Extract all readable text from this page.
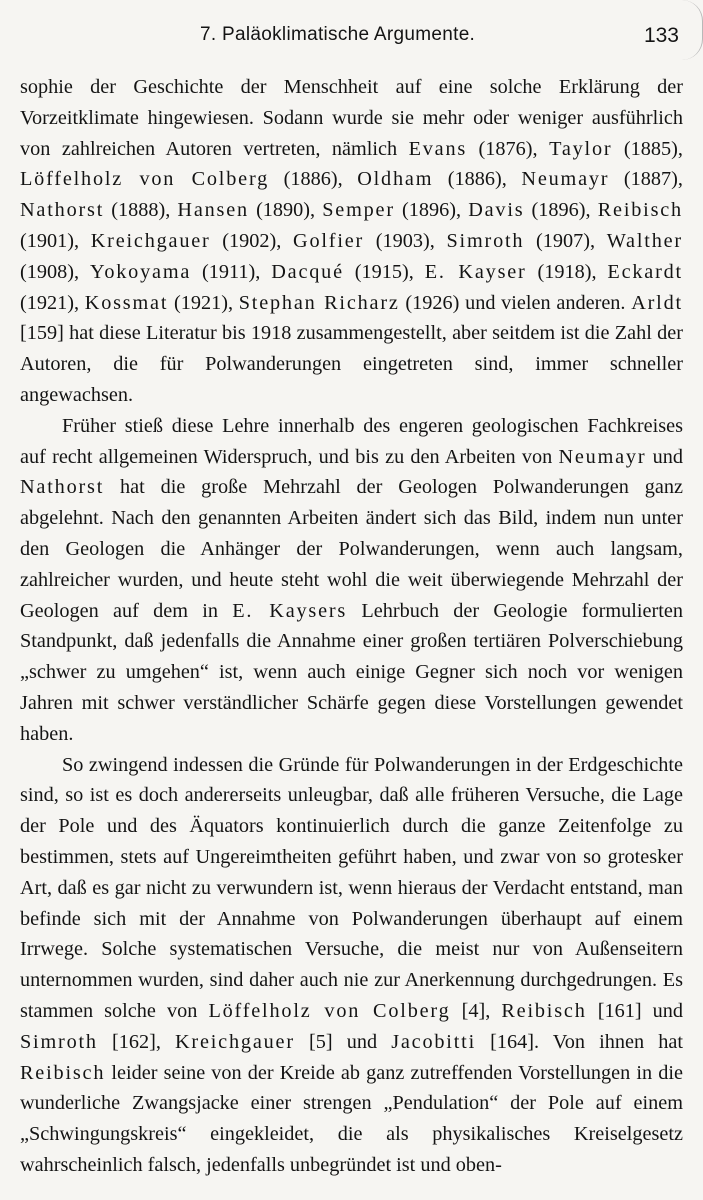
7. Paläoklimatische Argumente.	133

sophie der Geschichte der Menschheit auf eine solche Erklärung der Vorzeitklimate hingewiesen. Sodann wurde sie mehr oder weniger ausführlich von zahlreichen Autoren vertreten, nämlich Evans (1876), Taylor (1885), Löffelholz von Colberg (1886), Oldham (1886), Neumayr (1887), Nathorst (1888), Hansen (1890), Semper (1896), Davis (1896), Reibisch (1901), Kreichgauer (1902), Golfier (1903), Simroth (1907), Walther (1908), Yokoyama (1911), Dacqué (1915), E. Kayser (1918), Eckardt (1921), Kossmat (1921), Stephan Richarz (1926) und vielen anderen. Arldt [159] hat diese Literatur bis 1918 zusammengestellt, aber seitdem ist die Zahl der Autoren, die für Polwanderungen eingetreten sind, immer schneller angewachsen.

Früher stieß diese Lehre innerhalb des engeren geologischen Fachkreises auf recht allgemeinen Widerspruch, und bis zu den Arbeiten von Neumayr und Nathorst hat die große Mehrzahl der Geologen Polwanderungen ganz abgelehnt. Nach den genannten Arbeiten ändert sich das Bild, indem nun unter den Geologen die Anhänger der Polwanderungen, wenn auch langsam, zahlreicher wurden, und heute steht wohl die weit überwiegende Mehrzahl der Geologen auf dem in E. Kaysers Lehrbuch der Geologie formulierten Standpunkt, daß jedenfalls die Annahme einer großen tertiären Polverschiebung „schwer zu umgehen“ ist, wenn auch einige Gegner sich noch vor wenigen Jahren mit schwer verständlicher Schärfe gegen diese Vorstellungen gewendet haben.

So zwingend indessen die Gründe für Polwanderungen in der Erdgeschichte sind, so ist es doch andererseits unleugbar, daß alle früheren Versuche, die Lage der Pole und des Äquators kontinuierlich durch die ganze Zeitenfolge zu bestimmen, stets auf Ungereimtheiten geführt haben, und zwar von so grotesker Art, daß es gar nicht zu verwundern ist, wenn hieraus der Verdacht entstand, man befinde sich mit der Annahme von Polwanderungen überhaupt auf einem Irrwege. Solche systematischen Versuche, die meist nur von Außenseitern unternommen wurden, sind daher auch nie zur Anerkennung durchgedrungen. Es stammen solche von Löffelholz von Colberg [4], Reibisch [161] und Simroth [162], Kreichgauer [5] und Jacobitti [164]. Von ihnen hat Reibisch leider seine von der Kreide ab ganz zutreffenden Vorstellungen in die wunderliche Zwangsjacke einer strengen „Pendulation“ der Pole auf einem „Schwingungskreis“ eingekleidet, die als physikalisches Kreiselgesetz wahrscheinlich falsch, jedenfalls unbegründet ist und oben-
